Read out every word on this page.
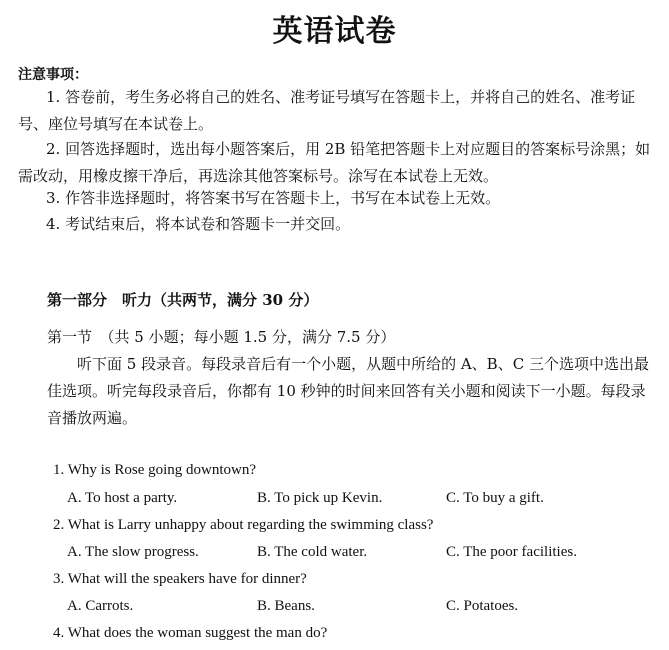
英语试卷
注意事项：
1. 答卷前，考生务必将自己的姓名、准考证号填写在答题卡上，并将自己的姓名、准考证号、座位号填写在本试卷上。
2. 回答选择题时，选出每小题答案后，用 2B 铅笔把答题卡上对应题目的答案标号涂黑；如需改动，用橡皮擦干净后，再选涂其他答案标号。涂写在本试卷上无效。
3. 作答非选择题时，将答案书写在答题卡上，书写在本试卷上无效。
4. 考试结束后，将本试卷和答题卡一并交回。
第一部分　听力（共两节，满分 30 分）
第一节　（共 5 小题；每小题 1.5 分，满分 7.5 分）
听下面 5 段录音。每段录音后有一个小题，从题中所给的 A、B、C 三个选项中选出最佳选项。听完每段录音后，你都有 10 秒钟的时间来回答有关小题和阅读下一小题。每段录音播放两遍。
1. Why is Rose going downtown?
A. To host a party.	B. To pick up Kevin.	C. To buy a gift.
2. What is Larry unhappy about regarding the swimming class?
A. The slow progress.	B. The cold water.	C. The poor facilities.
3. What will the speakers have for dinner?
A. Carrots.	B. Beans.	C. Potatoes.
4. What does the woman suggest the man do?
